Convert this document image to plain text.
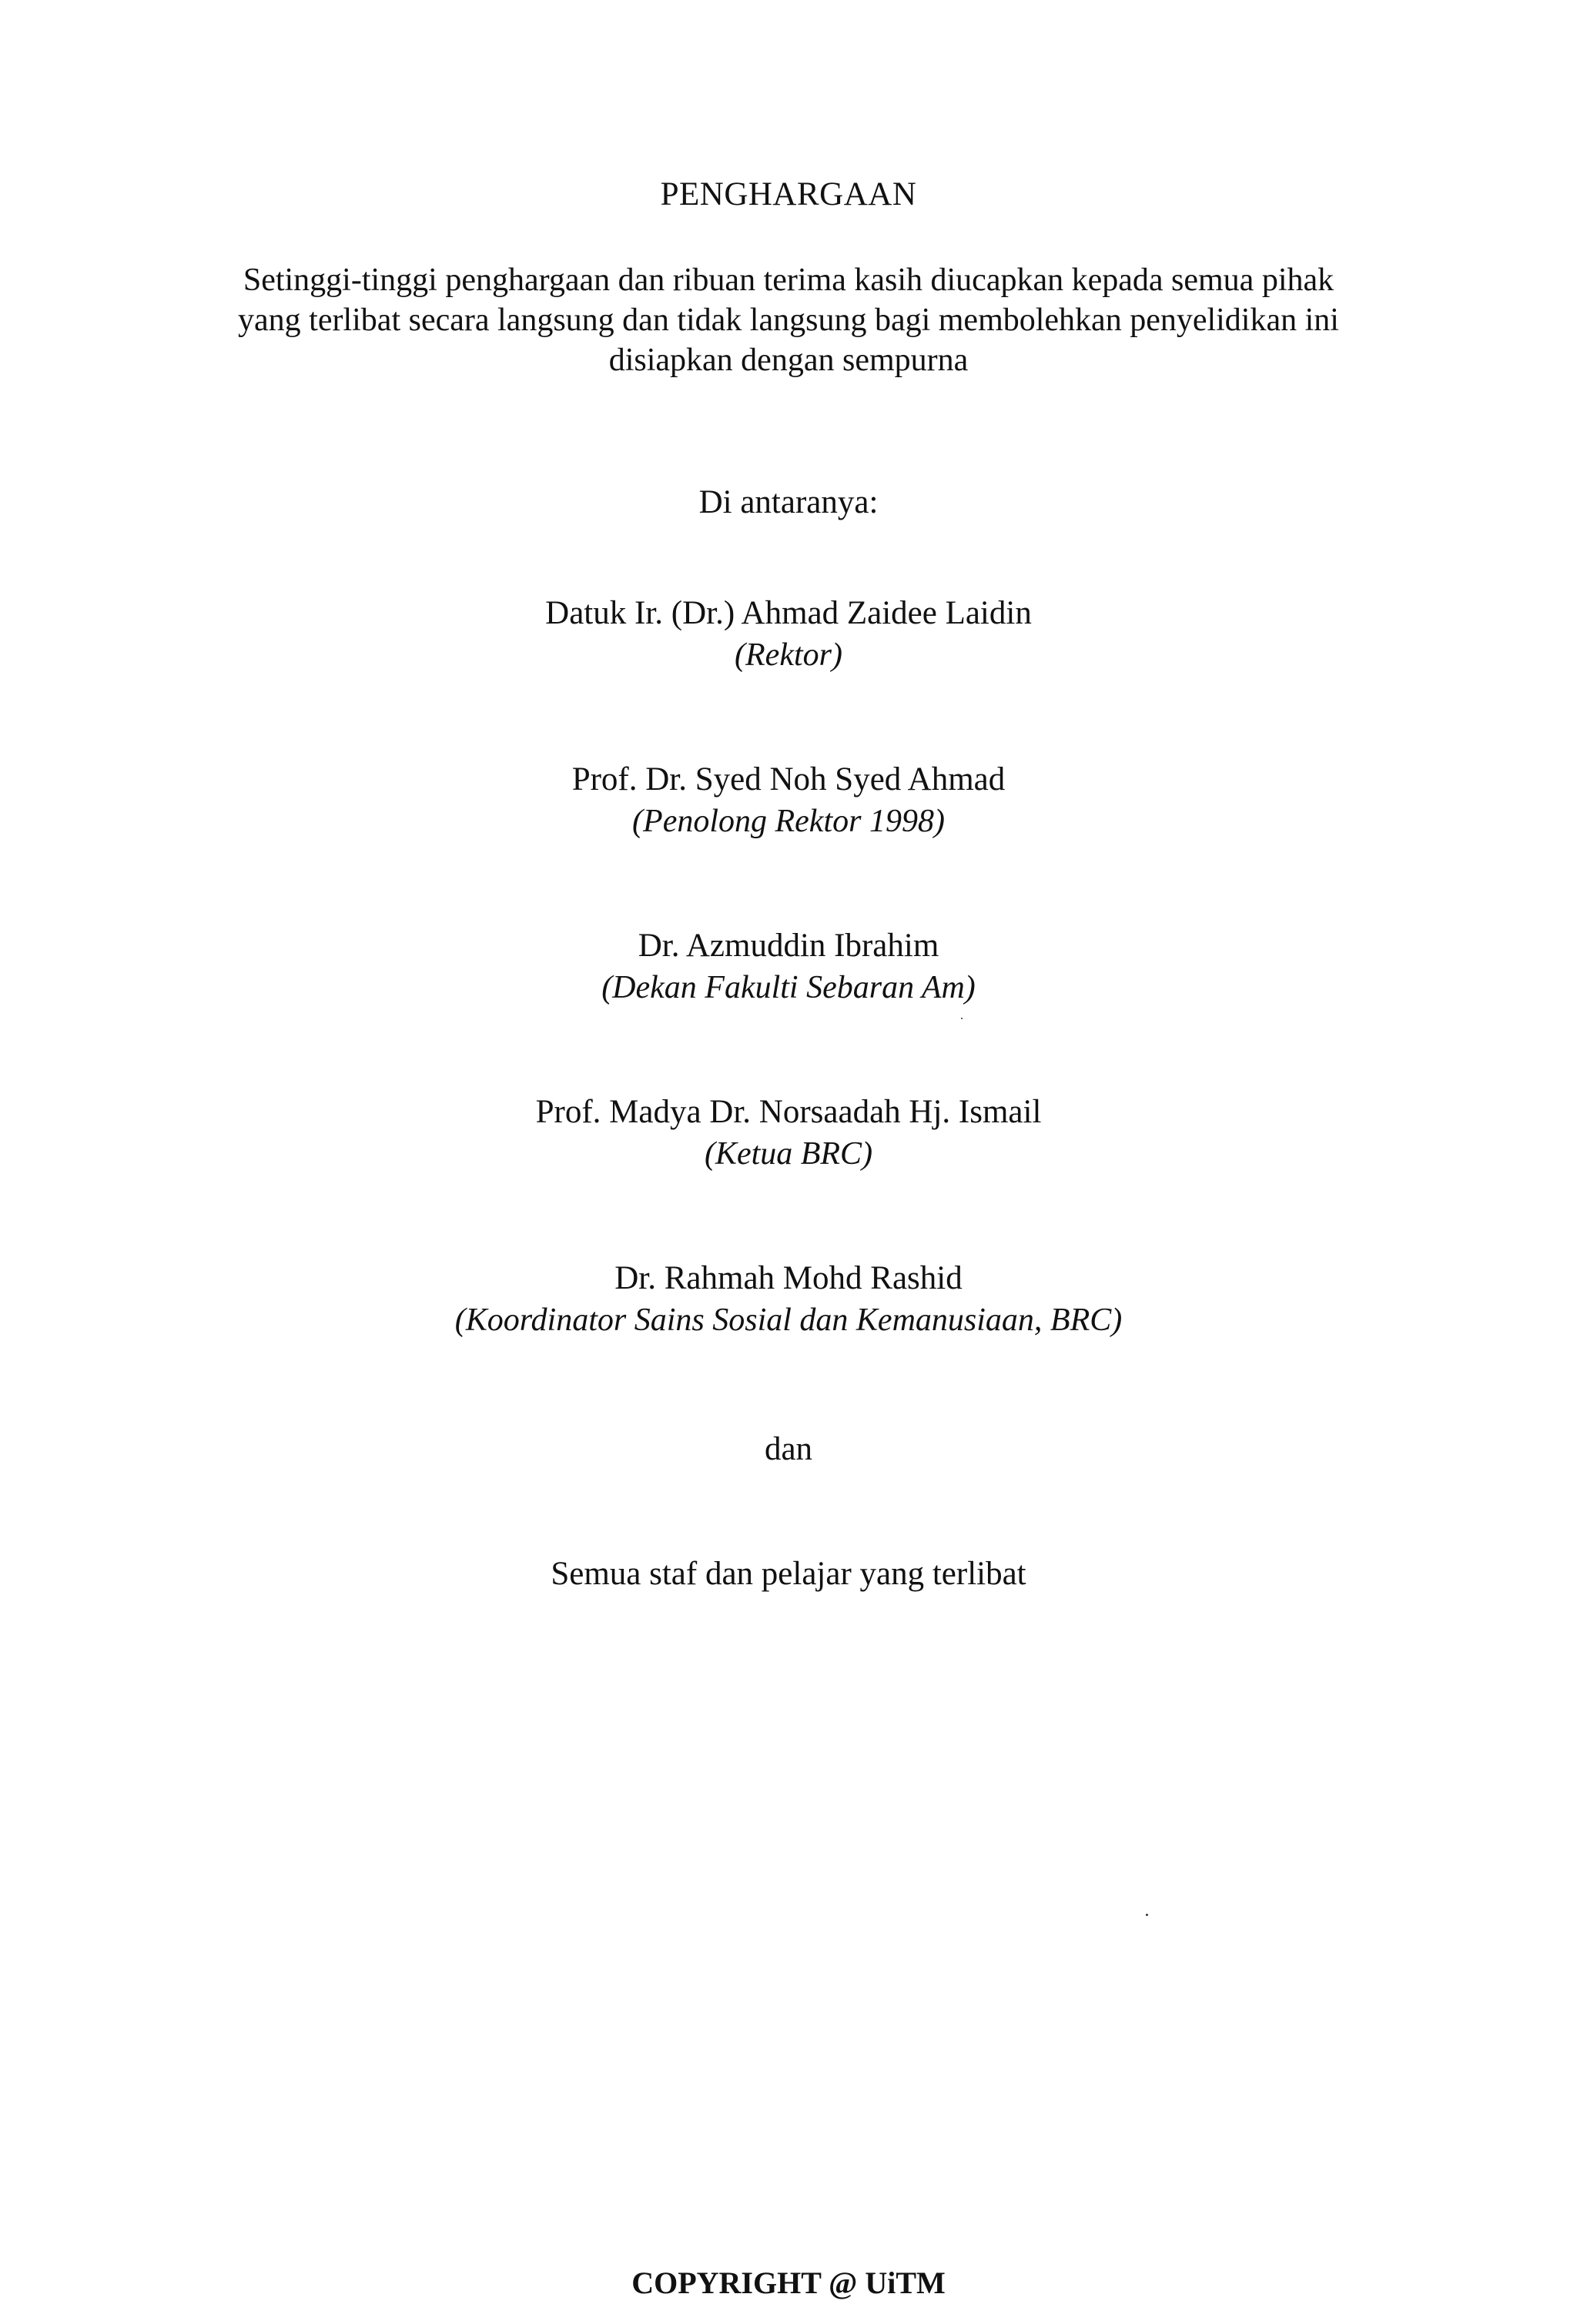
PENGHARGAAN
Setinggi-tinggi penghargaan dan ribuan terima kasih diucapkan kepada semua pihak
yang terlibat secara langsung dan tidak langsung bagi membolehkan penyelidikan ini
disiapkan dengan sempurna
Di antaranya:
Datuk Ir. (Dr.) Ahmad Zaidee Laidin
(Rektor)
Prof. Dr. Syed Noh Syed Ahmad
(Penolong Rektor 1998)
Dr. Azmuddin Ibrahim
(Dekan Fakulti Sebaran Am)
Prof. Madya Dr. Norsaadah Hj. Ismail
(Ketua BRC)
Dr. Rahmah Mohd Rashid
(Koordinator Sains Sosial dan Kemanusiaan, BRC)
dan
Semua staf dan pelajar yang terlibat
COPYRIGHT @ UiTM
